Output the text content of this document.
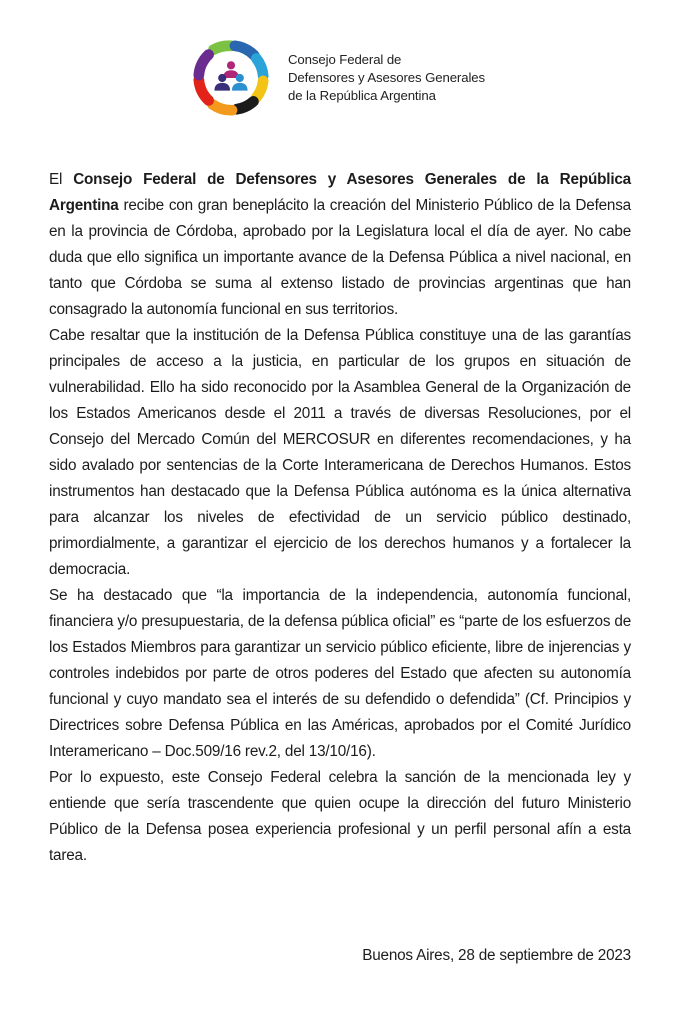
Consejo Federal de
Defensores y Asesores Generales
de la República Argentina

El Consejo Federal de Defensores y Asesores Generales de la República Argentina recibe con gran beneplácito la creación del Ministerio Público de la Defensa en la provincia de Córdoba, aprobado por la Legislatura local el día de ayer. No cabe duda que ello significa un importante avance de la Defensa Pública a nivel nacional, en tanto que Córdoba se suma al extenso listado de provincias argentinas que han consagrado la autonomía funcional en sus territorios.

Cabe resaltar que la institución de la Defensa Pública constituye una de las garantías principales de acceso a la justicia, en particular de los grupos en situación de vulnerabilidad. Ello ha sido reconocido por la Asamblea General de la Organización de los Estados Americanos desde el 2011 a través de diversas Resoluciones, por el Consejo del Mercado Común del MERCOSUR en diferentes recomendaciones, y ha sido avalado por sentencias de la Corte Interamericana de Derechos Humanos. Estos instrumentos han destacado que la Defensa Pública autónoma es la única alternativa para alcanzar los niveles de efectividad de un servicio público destinado, primordialmente, a garantizar el ejercicio de los derechos humanos y a fortalecer la democracia.

Se ha destacado que “la importancia de la independencia, autonomía funcional, financiera y/o presupuestaria, de la defensa pública oficial” es “parte de los esfuerzos de los Estados Miembros para garantizar un servicio público eficiente, libre de injerencias y controles indebidos por parte de otros poderes del Estado que afecten su autonomía funcional y cuyo mandato sea el interés de su defendido o defendida” (Cf. Principios y Directrices sobre Defensa Pública en las Américas, aprobados por el Comité Jurídico Interamericano – Doc.509/16 rev.2, del 13/10/16).

Por lo expuesto, este Consejo Federal celebra la sanción de la mencionada ley y entiende que sería trascendente que quien ocupe la dirección del futuro Ministerio Público de la Defensa posea experiencia profesional y un perfil personal afín a esta tarea.

Buenos Aires, 28 de septiembre de 2023
